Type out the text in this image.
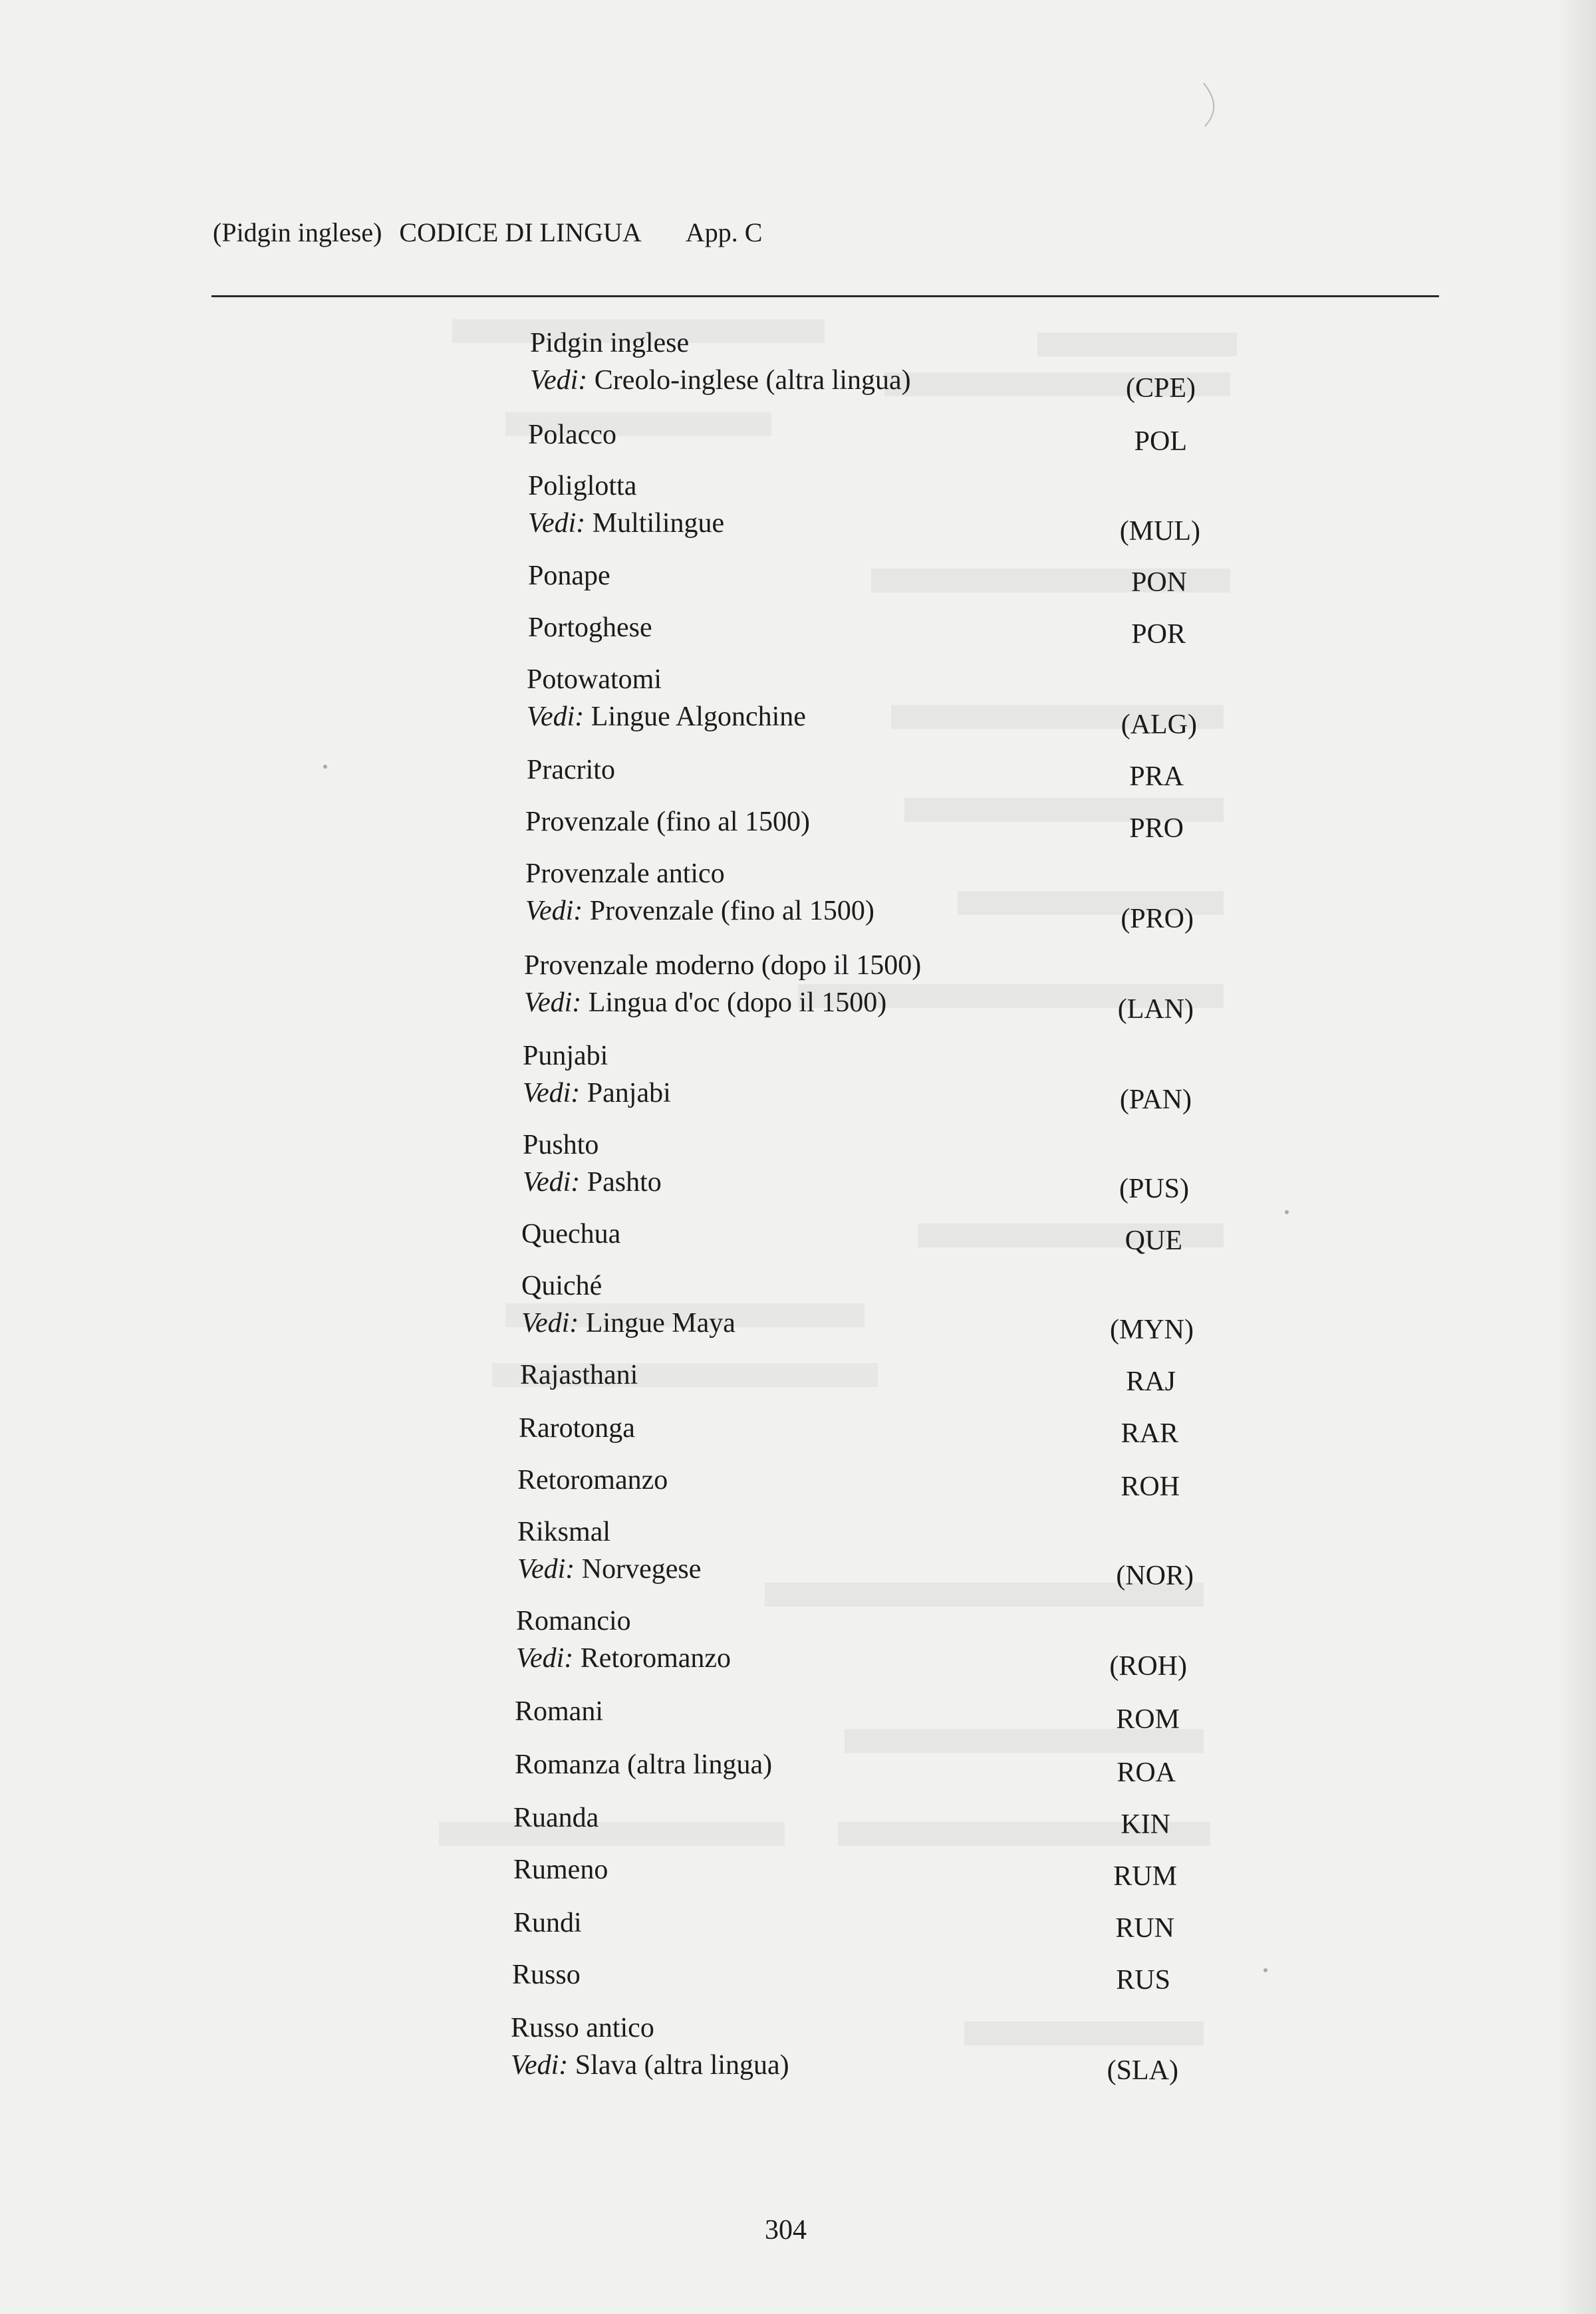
(Pidgin inglese) CODICE DI LINGUA App. C
Pidgin inglese
Vedi: Creolo-inglese (altra lingua)	(CPE)
Polacco	POL
Poliglotta
Vedi: Multilingue	(MUL)
Ponape	PON
Portoghese	POR
Potowatomi
Vedi: Lingue Algonchine	(ALG)
Pracrito	PRA
Provenzale (fino al 1500)	PRO
Provenzale antico
Vedi: Provenzale (fino al 1500)	(PRO)
Provenzale moderno (dopo il 1500)
Vedi: Lingua d'oc (dopo il 1500)	(LAN)
Punjabi
Vedi: Panjabi	(PAN)
Pushto
Vedi: Pashto	(PUS)
Quechua	QUE
Quiché
Vedi: Lingue Maya	(MYN)
Rajasthani	RAJ
Rarotonga	RAR
Retoromanzo	ROH
Riksmal
Vedi: Norvegese	(NOR)
Romancio
Vedi: Retoromanzo	(ROH)
Romani	ROM
Romanza (altra lingua)	ROA
Ruanda	KIN
Rumeno	RUM
Rundi	RUN
Russo	RUS
Russo antico
Vedi: Slava (altra lingua)	(SLA)
304
